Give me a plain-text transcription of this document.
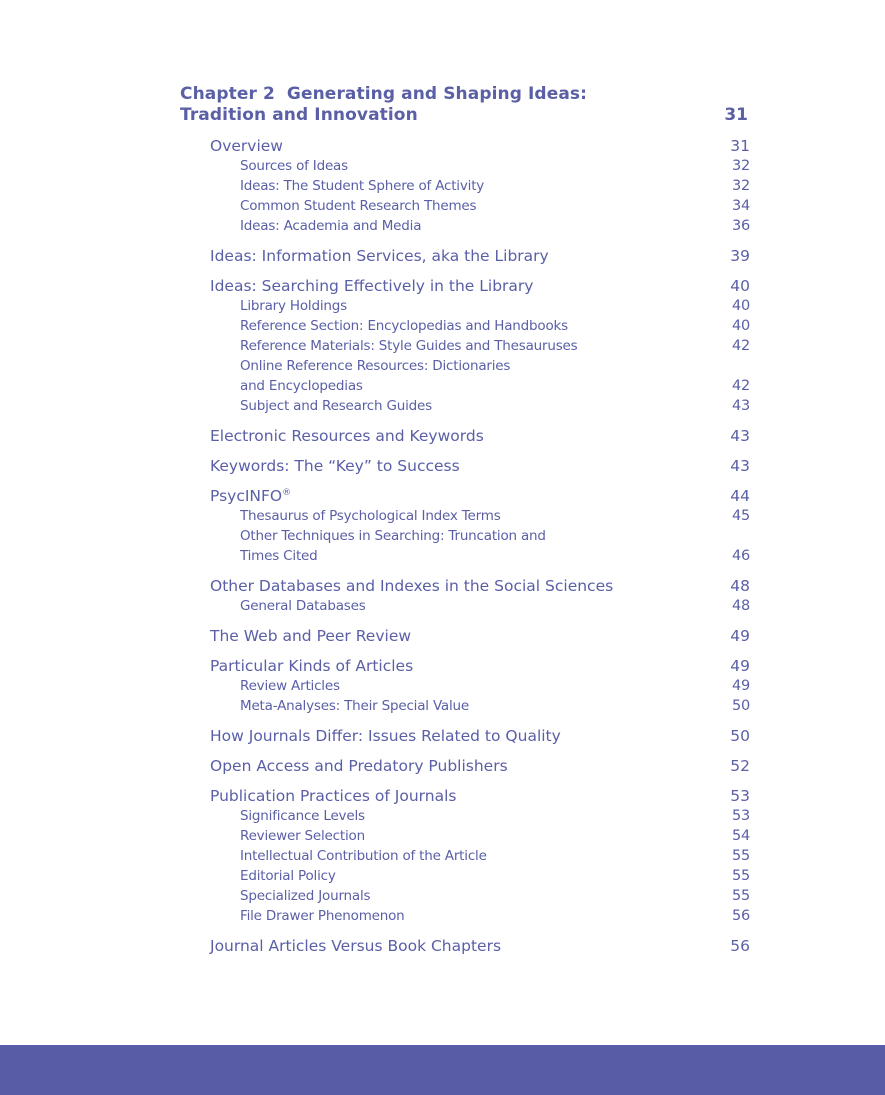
Chapter 2 Generating and Shaping Ideas:
Tradition and Innovation	31
Overview	31
Sources of Ideas	32
Ideas: The Student Sphere of Activity	32
Common Student Research Themes	34
Ideas: Academia and Media	36
Ideas: Information Services, aka the Library	39
Ideas: Searching Effectively in the Library	40
Library Holdings	40
Reference Section: Encyclopedias and Handbooks	40
Reference Materials: Style Guides and Thesauruses	42
Online Reference Resources: Dictionaries
and Encyclopedias	42
Subject and Research Guides	43
Electronic Resources and Keywords	43
Keywords: The “Key” to Success	43
PsycINFO®	44
Thesaurus of Psychological Index Terms	45
Other Techniques in Searching: Truncation and
Times Cited	46
Other Databases and Indexes in the Social Sciences	48
General Databases	48
The Web and Peer Review	49
Particular Kinds of Articles	49
Review Articles	49
Meta-Analyses: Their Special Value	50
How Journals Differ: Issues Related to Quality	50
Open Access and Predatory Publishers	52
Publication Practices of Journals	53
Significance Levels	53
Reviewer Selection	54
Intellectual Contribution of the Article	55
Editorial Policy	55
Specialized Journals	55
File Drawer Phenomenon	56
Journal Articles Versus Book Chapters	56
